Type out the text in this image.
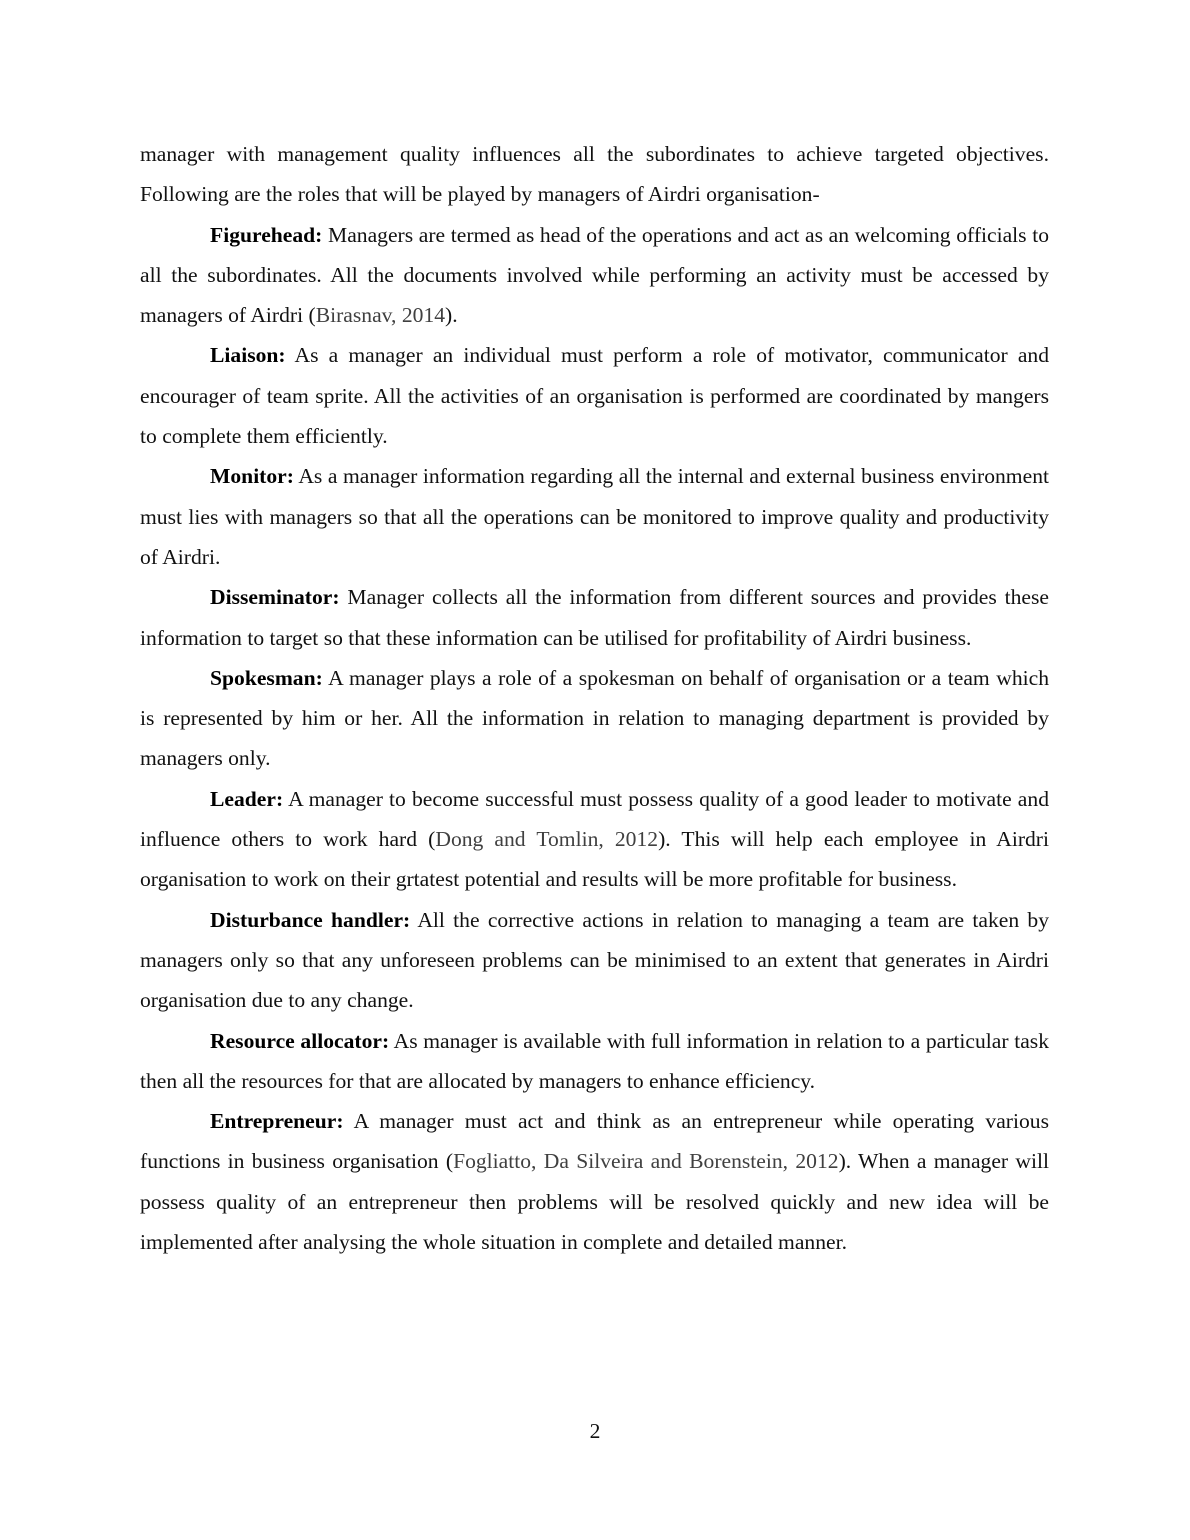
manager with management quality influences all the subordinates to achieve targeted objectives. Following are the roles that will be played by managers of Airdri organisation-

Figurehead: Managers are termed as head of the operations and act as an welcoming officials to all the subordinates. All the documents involved while performing an activity must be accessed by managers of Airdri (Birasnav, 2014).

Liaison: As a manager an individual must perform a role of motivator, communicator and encourager of team sprite. All the activities of an organisation is performed are coordinated by mangers to complete them efficiently.

Monitor: As a manager information regarding all the internal and external business environment must lies with managers so that all the operations can be monitored to improve quality and productivity of Airdri.

Disseminator: Manager collects all the information from different sources and provides these information to target so that these information can be utilised for profitability of Airdri business.

Spokesman: A manager plays a role of a spokesman on behalf of organisation or a team which is represented by him or her. All the information in relation to managing department is provided by managers only.

Leader: A manager to become successful must possess quality of a good leader to motivate and influence others to work hard (Dong and Tomlin, 2012). This will help each employee in Airdri organisation to work on their grtatest potential and results will be more profitable for business.

Disturbance handler: All the corrective actions in relation to managing a team are taken by managers only so that any unforeseen problems can be minimised to an extent that generates in Airdri organisation due to any change.

Resource allocator: As manager is available with full information in relation to a particular task then all the resources for that are allocated by managers to enhance efficiency.

Entrepreneur: A manager must act and think as an entrepreneur while operating various functions in business organisation (Fogliatto, Da Silveira and Borenstein, 2012). When a manager will possess quality of an entrepreneur then problems will be resolved quickly and new idea will be implemented after analysing the whole situation in complete and detailed manner.

2
